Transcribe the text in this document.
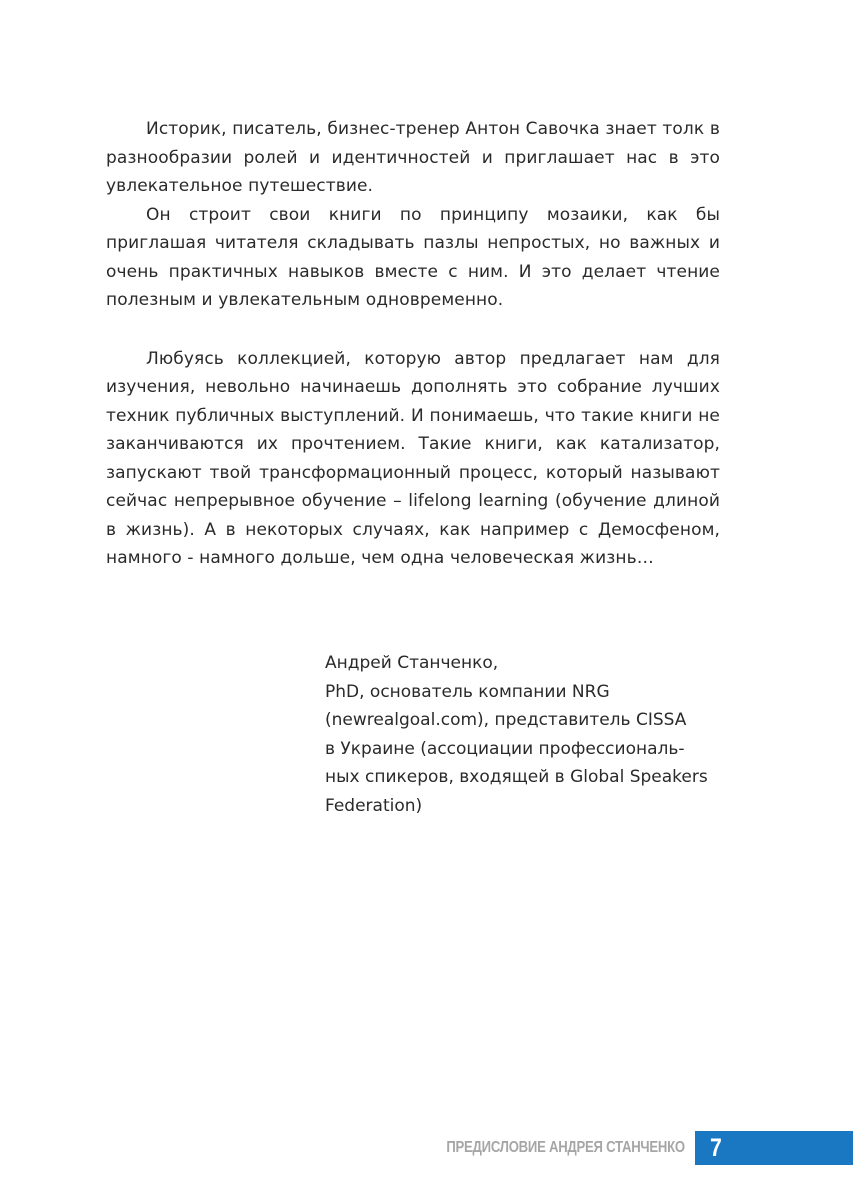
Историк, писатель, бизнес-тренер Антон Савочка знает толк в разнообразии ролей и идентичностей и приглашает нас в это увлекательное путешествие.

Он строит свои книги по принципу мозаики, как бы приглашая читателя складывать пазлы непростых, но важных и очень практичных навыков вместе с ним. И это делает чтение полезным и увлекательным одновременно.

Любуясь коллекцией, которую автор предлагает нам для изучения, невольно начинаешь дополнять это собрание лучших техник публичных выступлений. И понимаешь, что такие книги не заканчиваются их прочтением. Такие книги, как катализатор, запускают твой трансформационный процесс, который называют сейчас непрерывное обучение – lifelong learning (обучение длиной в жизнь). А в некоторых случаях, как например с Демосфеном, намного - намного дольше, чем одна человеческая жизнь…

Андрей Станченко,
PhD, основатель компании NRG
(newrealgoal.com), представитель CISSA
в Украине (ассоциации профессиональ-
ных спикеров, входящей в Global Speakers
Federation)
ПРЕДИСЛОВИЕ АНДРЕЯ СТАНЧЕНКО 7
